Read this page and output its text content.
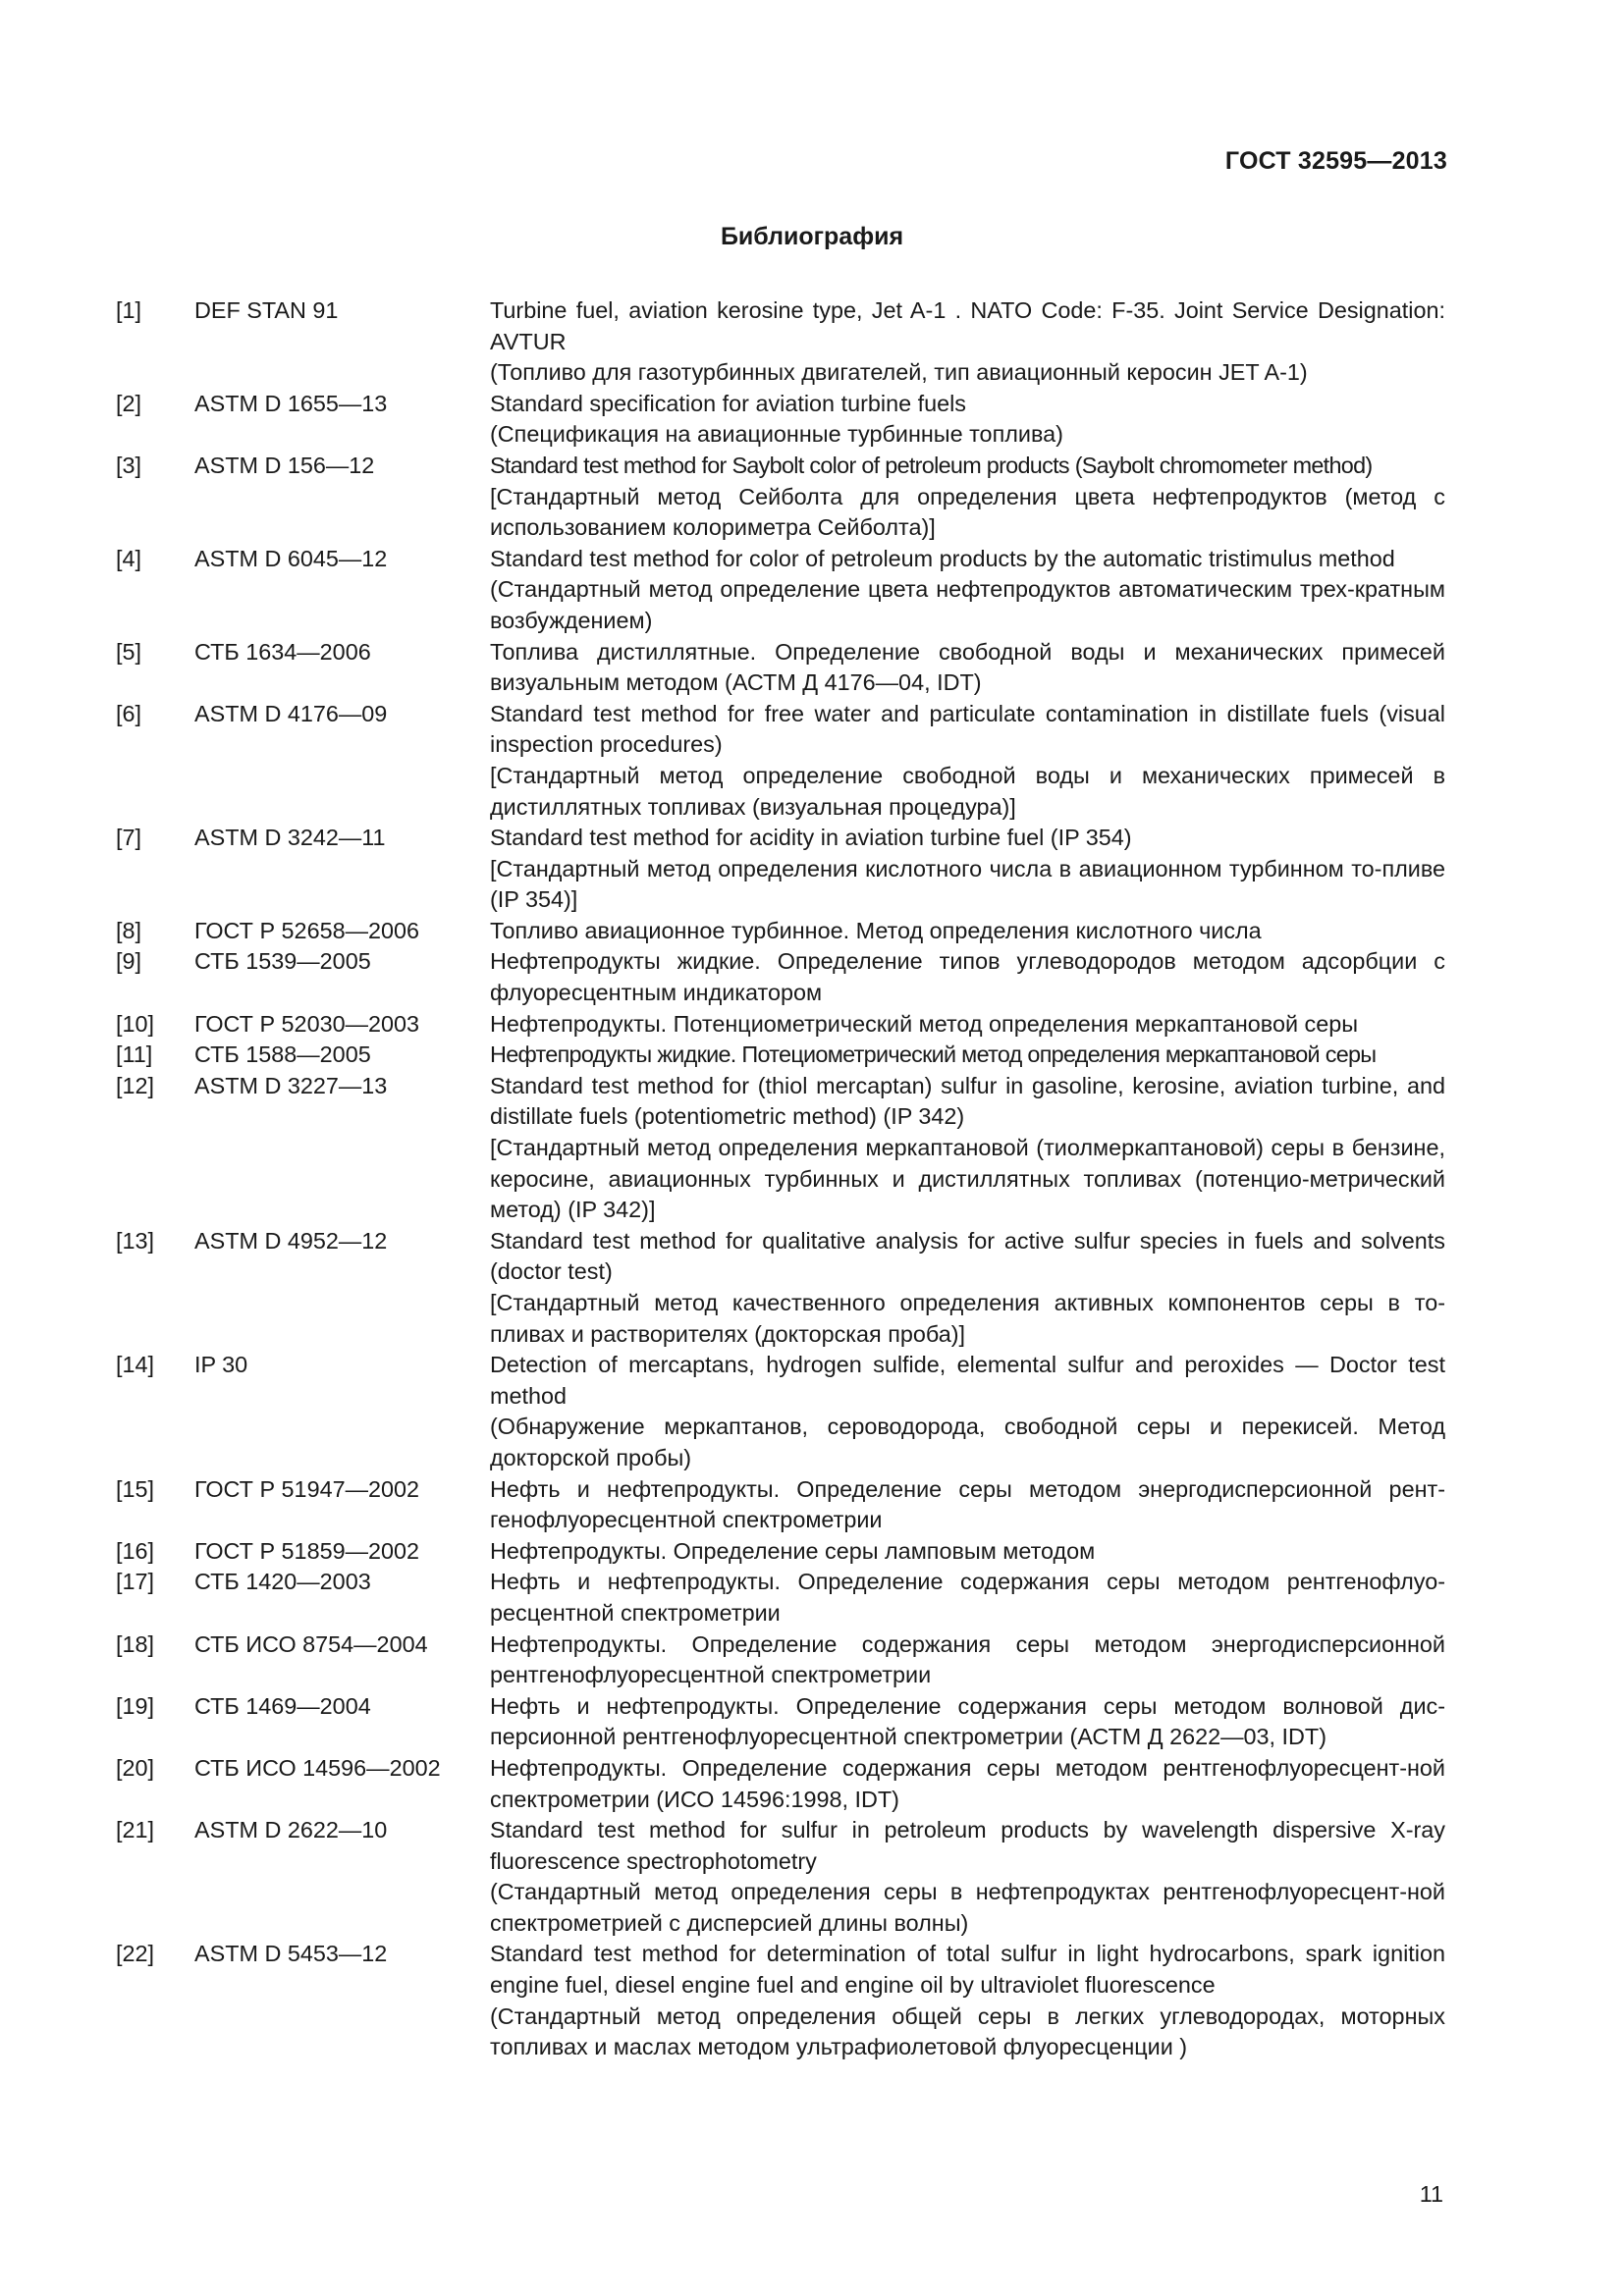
ГОСТ 32595—2013
Библиография
[1] DEF STAN 91	Turbine fuel, aviation kerosine type, Jet A-1 . NATO Code: F-35. Joint Service Designation: AVTUR
(Топливо для газотурбинных двигателей, тип авиационный керосин JET A-1)
[2] ASTM D 1655—13	Standard specification for aviation turbine fuels
(Спецификация на авиационные турбинные топлива)
[3] ASTM D 156—12	Standard test method for Saybolt color of petroleum products (Saybolt chromometer method)
[Стандартный метод Сейболта для определения цвета нефтепродуктов (метод с использованием колориметра Сейболта)]
[4] ASTM D 6045—12	Standard test method for color of petroleum products by the automatic tristimulus method
(Стандартный метод определение цвета нефтепродуктов автоматическим трех-кратным возбуждением)
[5] СТБ 1634—2006	Топлива дистиллятные. Определение свободной воды и механических примесей визуальным методом (АСТМ Д 4176—04, IDT)
[6] ASTM D 4176—09	Standard test method for free water and particulate contamination in distillate fuels (visual inspection procedures)
[Стандартный метод определение свободной воды и механических примесей в дистиллятных топливах (визуальная процедура)]
[7] ASTM D 3242—11	Standard test method for acidity in aviation turbine fuel (IP 354)
[Стандартный метод определения кислотного числа в авиационном турбинном то-пливе (IP 354)]
[8] ГОСТ Р 52658—2006	Топливо авиационное турбинное. Метод определения кислотного числа
[9] СТБ 1539—2005	Нефтепродукты жидкие. Определение типов углеводородов методом адсорбции с флуоресцентным индикатором
[10] ГОСТ Р 52030—2003	Нефтепродукты. Потенциометрический метод определения меркаптановой серы
[11] СТБ 1588—2005	Нефтепродукты жидкие. Потециометрический метод определения меркаптановой серы
[12] ASTM D 3227—13	Standard test method for (thiol mercaptan) sulfur in gasoline, kerosine, aviation turbine, and distillate fuels (potentiometric method) (IP 342)
[Стандартный метод определения меркаптановой (тиолмеркаптановой) серы в бензине, керосине, авиационных турбинных и дистиллятных топливах (потенцио-метрический метод) (IP 342)]
[13] ASTM D 4952—12	Standard test method for qualitative analysis for active sulfur species in fuels and solvents (doctor test)
[Стандартный метод качественного определения активных компонентов серы в то-пливах и растворителях (докторская проба)]
[14] IP 30	Detection of mercaptans, hydrogen sulfide, elemental sulfur and peroxides — Doctor test method
(Обнаружение меркаптанов, сероводорода, свободной серы и перекисей. Метод докторской пробы)
[15] ГОСТ Р 51947—2002	Нефть и нефтепродукты. Определение серы методом энергодисперсионной рент-генофлуоресцентной спектрометрии
[16] ГОСТ Р 51859—2002	Нефтепродукты. Определение серы ламповым методом
[17] СТБ 1420—2003	Нефть и нефтепродукты. Определение содержания серы методом рентгенофлуо-ресцентной спектрометрии
[18] СТБ ИСО 8754—2004	Нефтепродукты. Определение содержания серы методом энергодисперсионной рентгенофлуоресцентной спектрометрии
[19] СТБ 1469—2004	Нефть и нефтепродукты. Определение содержания серы методом волновой дис-персионной рентгенофлуоресцентной спектрометрии (АСТМ Д 2622—03, IDT)
[20] СТБ ИСО 14596—2002 Нефтепродукты. Определение содержания серы методом рентгенофлуоресцент-ной спектрометрии (ИСО 14596:1998, IDT)
[21] ASTM D 2622—10	Standard test method for sulfur in petroleum products by wavelength dispersive X-ray fluorescence spectrophotometry
(Стандартный метод определения серы в нефтепродуктах рентгенофлуоресцент-ной спектрометрией с дисперсией длины волны)
[22] ASTM D 5453—12	Standard test method for determination of total sulfur in light hydrocarbons, spark ignition engine fuel, diesel engine fuel and engine oil by ultraviolet fluorescence
(Стандартный метод определения общей серы в легких углеводородах, моторных топливах и маслах методом ультрафиолетовой флуоресценции )
11
